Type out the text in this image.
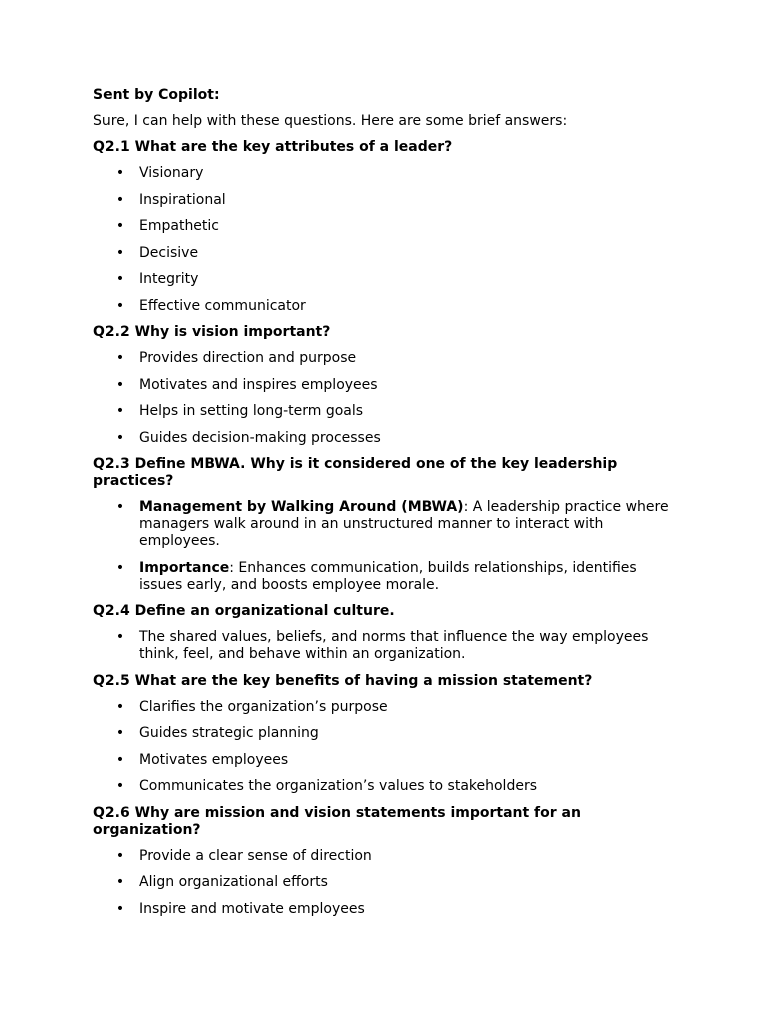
Sent by Copilot:
Sure, I can help with these questions. Here are some brief answers:
Q2.1 What are the key attributes of a leader?
• Visionary
• Inspirational
• Empathetic
• Decisive
• Integrity
• Effective communicator
Q2.2 Why is vision important?
• Provides direction and purpose
• Motivates and inspires employees
• Helps in setting long-term goals
• Guides decision-making processes
Q2.3 Define MBWA. Why is it considered one of the key leadership practices?
• Management by Walking Around (MBWA): A leadership practice where managers walk around in an unstructured manner to interact with employees.
• Importance: Enhances communication, builds relationships, identifies issues early, and boosts employee morale.
Q2.4 Define an organizational culture.
• The shared values, beliefs, and norms that influence the way employees think, feel, and behave within an organization.
Q2.5 What are the key benefits of having a mission statement?
• Clarifies the organization’s purpose
• Guides strategic planning
• Motivates employees
• Communicates the organization’s values to stakeholders
Q2.6 Why are mission and vision statements important for an organization?
• Provide a clear sense of direction
• Align organizational efforts
• Inspire and motivate employees
